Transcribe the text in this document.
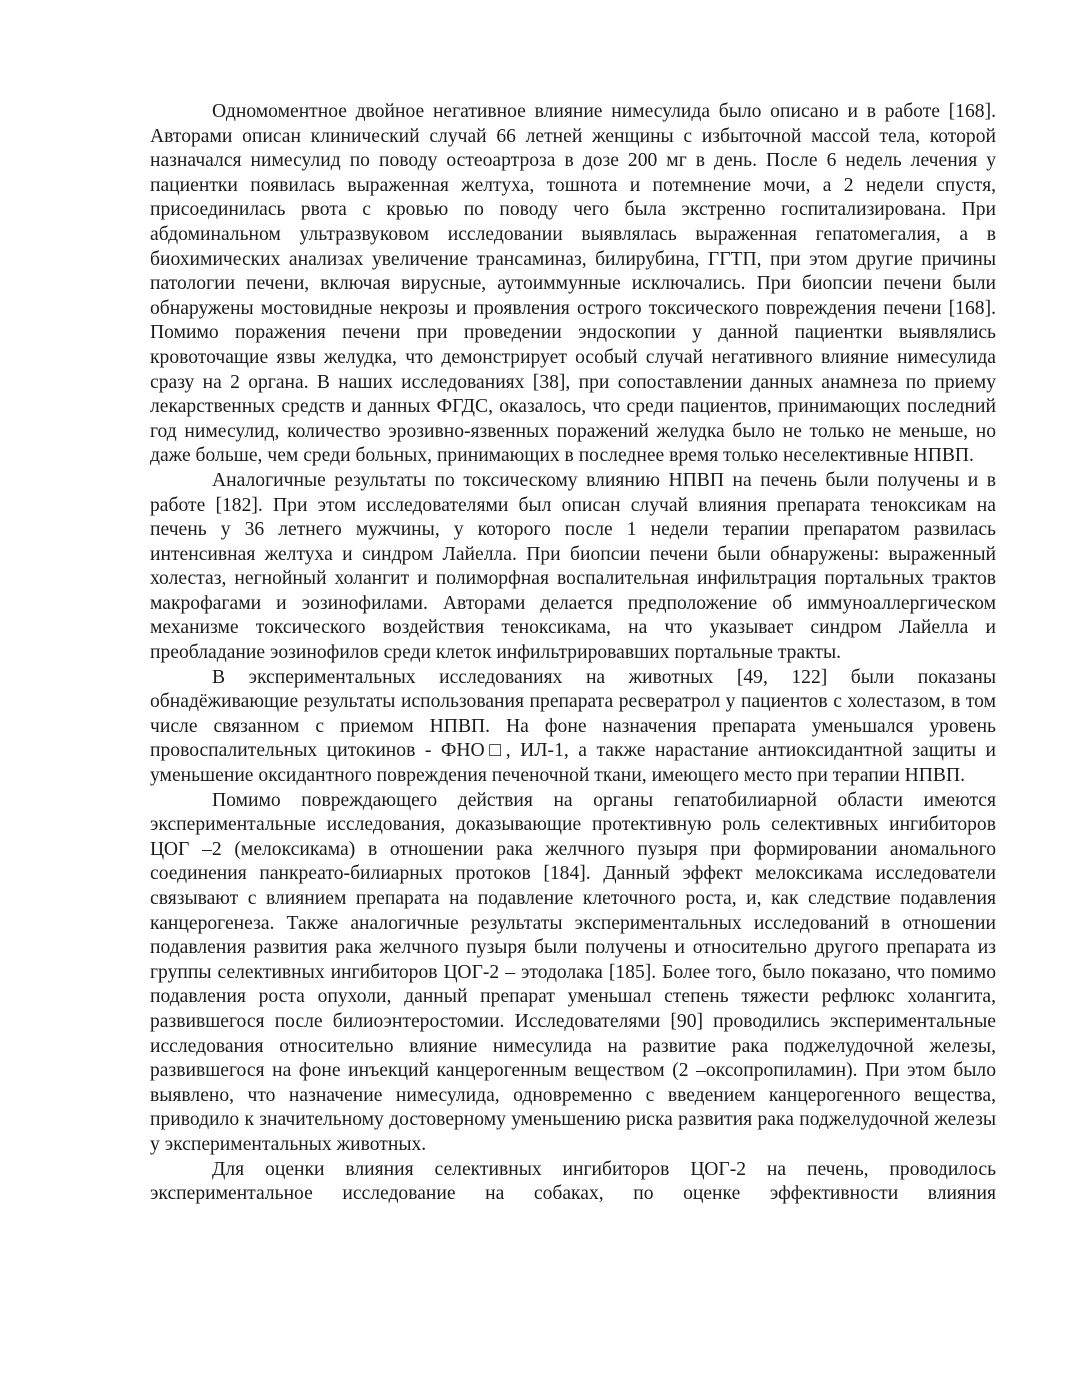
Одномоментное двойное негативное влияние нимесулида было описано и в работе [168]. Авторами описан клинический случай 66 летней женщины с избыточной массой тела, которой назначался нимесулид по поводу остеоартроза в дозе 200 мг в день. После 6 недель лечения у пациентки появилась выраженная желтуха, тошнота и потемнение мочи, а 2 недели спустя, присоединилась рвота с кровью по поводу чего была экстренно госпитализирована. При абдоминальном ультразвуковом исследовании выявлялась выраженная гепатомегалия, а в биохимических анализах увеличение трансаминаз, билирубина, ГГТП, при этом другие причины патологии печени, включая вирусные, аутоиммунные исключались. При биопсии печени были обнаружены мостовидные некрозы и проявления острого токсического повреждения печени [168]. Помимо поражения печени при проведении эндоскопии у данной пациентки выявлялись кровоточащие язвы желудка, что демонстрирует особый случай негативного влияние нимесулида сразу на 2 органа. В наших исследованиях [38], при сопоставлении данных анамнеза по приему лекарственных средств и данных ФГДС, оказалось, что среди пациентов, принимающих последний год нимесулид, количество эрозивно-язвенных поражений желудка было не только не меньше, но даже больше, чем среди больных, принимающих в последнее время только неселективные НПВП.

Аналогичные результаты по токсическому влиянию НПВП на печень были получены и в работе [182]. При этом исследователями был описан случай влияния препарата теноксикам на печень у 36 летнего мужчины, у которого после 1 недели терапии препаратом развилась интенсивная желтуха и синдром Лайелла. При биопсии печени были обнаружены: выраженный холестаз, негнойный холангит и полиморфная воспалительная инфильтрация портальных трактов макрофагами и эозинофилами. Авторами делается предположение об иммуноаллергическом механизме токсического воздействия теноксикама, на что указывает синдром Лайелла и преобладание эозинофилов среди клеток инфильтрировавших портальные тракты.

В экспериментальных исследованиях на животных [49, 122] были показаны обнадёживающие результаты использования препарата ресвератрол у пациентов с холестазом, в том числе связанном с приемом НПВП. На фоне назначения препарата уменьшался уровень провоспалительных цитокинов - ФНО□, ИЛ-1, а также нарастание антиоксидантной защиты и уменьшение оксидантного повреждения печеночной ткани, имеющего место при терапии НПВП.

Помимо повреждающего действия на органы гепатобилиарной области имеются экспериментальные исследования, доказывающие протективную роль селективных ингибиторов ЦОГ –2 (мелоксикама) в отношении рака желчного пузыря при формировании аномального соединения панкреато-билиарных протоков [184]. Данный эффект мелоксикама исследователи связывают с влиянием препарата на подавление клеточного роста, и, как следствие подавления канцерогенеза. Также аналогичные результаты экспериментальных исследований в отношении подавления развития рака желчного пузыря были получены и относительно другого препарата из группы селективных ингибиторов ЦОГ-2 – этодолака [185]. Более того, было показано, что помимо подавления роста опухоли, данный препарат уменьшал степень тяжести рефлюкс холангита, развившегося после билиоэнтеростомии. Исследователями [90] проводились экспериментальные исследования относительно влияние нимесулида на развитие рака поджелудочной железы, развившегося на фоне инъекций канцерогенным веществом (2 –оксопропиламин). При этом было выявлено, что назначение нимесулида, одновременно с введением канцерогенного вещества, приводило к значительному достоверному уменьшению риска развития рака поджелудочной железы у экспериментальных животных.

Для оценки влияния селективных ингибиторов ЦОГ-2 на печень, проводилось экспериментальное исследование на собаках, по оценке эффективности влияния
